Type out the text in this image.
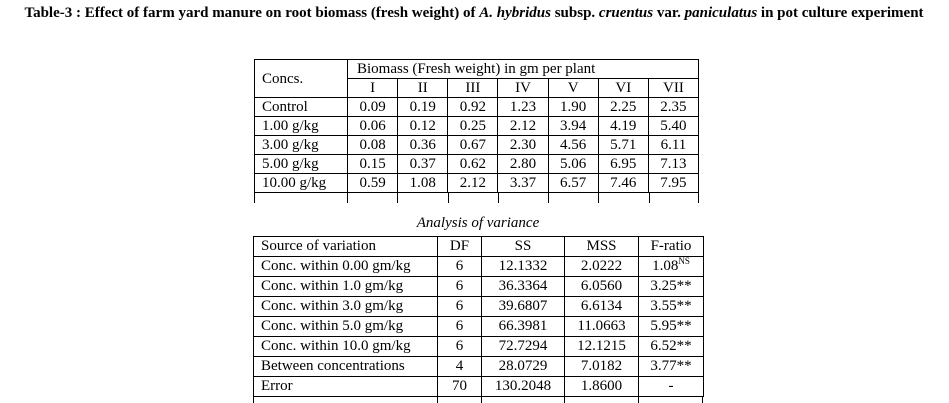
Table-3 : Effect of farm yard manure on root biomass (fresh weight) of A. hybridus subsp. cruentus var. paniculatus in pot culture experiment
Concs.	Biomass (Fresh weight) in gm per plant						
	I	II	III	IV	V	VI	VII
Control	0.09	0.19	0.92	1.23	1.90	2.25	2.35
1.00 g/kg	0.06	0.12	0.25	2.12	3.94	4.19	5.40
3.00 g/kg	0.08	0.36	0.67	2.30	4.56	5.71	6.11
5.00 g/kg	0.15	0.37	0.62	2.80	5.06	6.95	7.13
10.00 g/kg	0.59	1.08	2.12	3.37	6.57	7.46	7.95
Analysis of variance
Source of variation	DF	SS	MSS	F-ratio
Conc. within 0.00 gm/kg	6	12.1332	2.0222	$1.08^{NS}$
Conc. within 1.0 gm/kg	6	36.3364	6.0560	3.25**
Conc. within 3.0 gm/kg	6	39.6807	6.6134	3.55**
Conc. within 5.0 gm/kg	6	66.3981	11.0663	5.95**
Conc. within 10.0 gm/kg	6	72.7294	12.1215	6.52**
Between concentrations	4	28.0729	7.0182	3.77**
Error	70	130.2048	1.8600	-
